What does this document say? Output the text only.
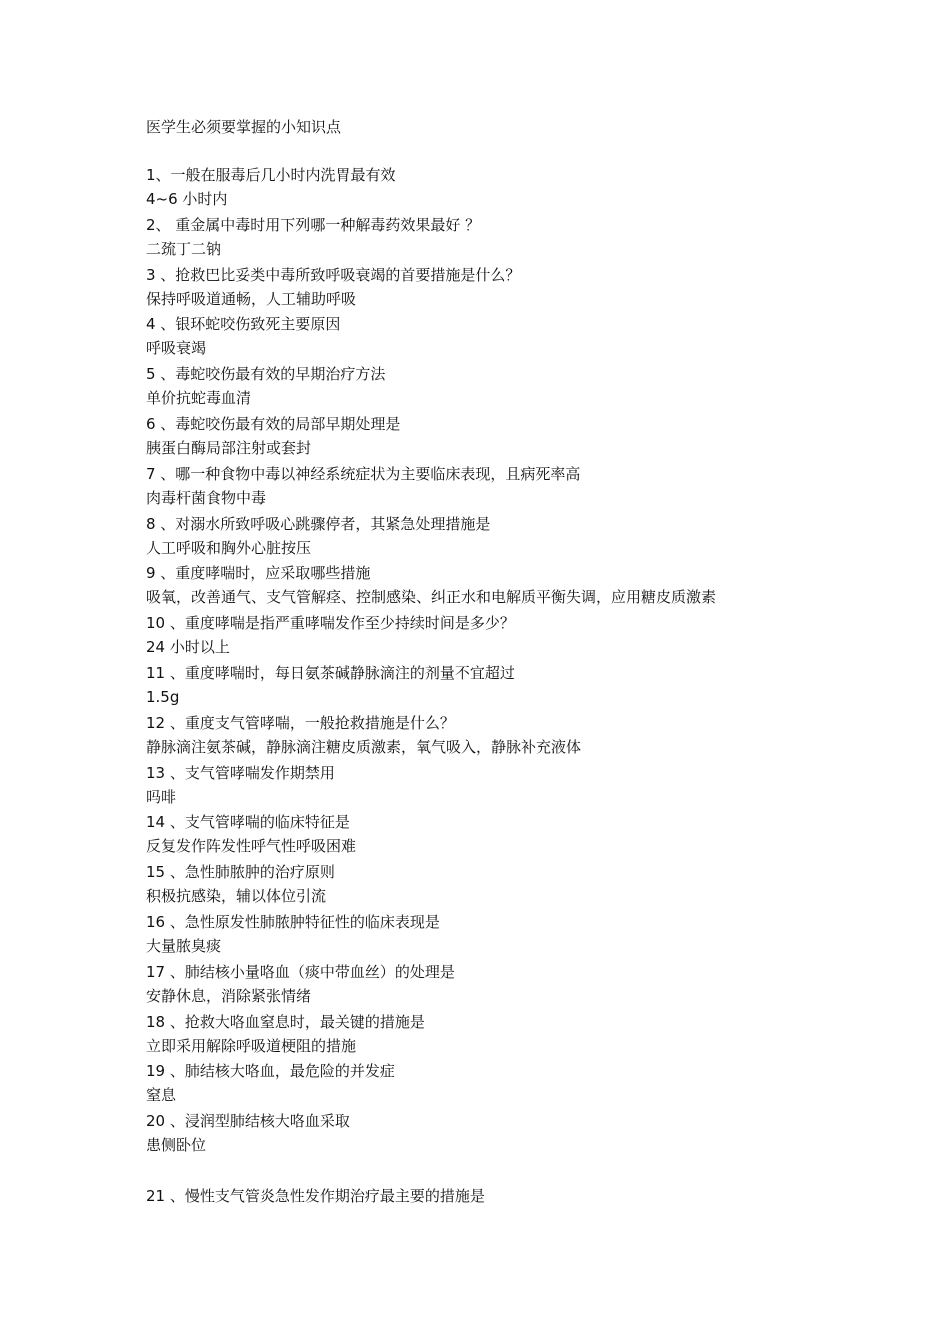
医学生必须要掌握的小知识点
1、一般在服毒后几小时内洗胃最有效
4~6 小时内
2、 重金属中毒时用下列哪一种解毒药效果最好 ？
二巯丁二钠
3 、抢救巴比妥类中毒所致呼吸衰竭的首要措施是什么？
保持呼吸道通畅，人工辅助呼吸
4 、银环蛇咬伤致死主要原因
呼吸衰竭
5 、毒蛇咬伤最有效的早期治疗方法
单价抗蛇毒血清
6 、毒蛇咬伤最有效的局部早期处理是
胰蛋白酶局部注射或套封
7 、哪一种食物中毒以神经系统症状为主要临床表现，且病死率高
肉毒杆菌食物中毒
8 、对溺水所致呼吸心跳骤停者，其紧急处理措施是
人工呼吸和胸外心脏按压
9 、重度哮喘时，应采取哪些措施
吸氧，改善通气、支气管解痉、控制感染、纠正水和电解质平衡失调，应用糖皮质激素
10 、重度哮喘是指严重哮喘发作至少持续时间是多少？
24 小时以上
11 、重度哮喘时，每日氨茶碱静脉滴注的剂量不宜超过
1.5g
12 、重度支气管哮喘，一般抢救措施是什么？
静脉滴注氨茶碱，静脉滴注糖皮质激素，氧气吸入，静脉补充液体
13 、支气管哮喘发作期禁用
吗啡
14 、支气管哮喘的临床特征是
反复发作阵发性呼气性呼吸困难
15 、急性肺脓肿的治疗原则
积极抗感染，辅以体位引流
16 、急性原发性肺脓肿特征性的临床表现是
大量脓臭痰
17 、肺结核小量咯血（痰中带血丝）的处理是
安静休息，消除紧张情绪
18 、抢救大咯血窒息时，最关键的措施是
立即采用解除呼吸道梗阻的措施
19 、肺结核大咯血，最危险的并发症
窒息
20 、浸润型肺结核大咯血采取
患侧卧位
21 、慢性支气管炎急性发作期治疗最主要的措施是
